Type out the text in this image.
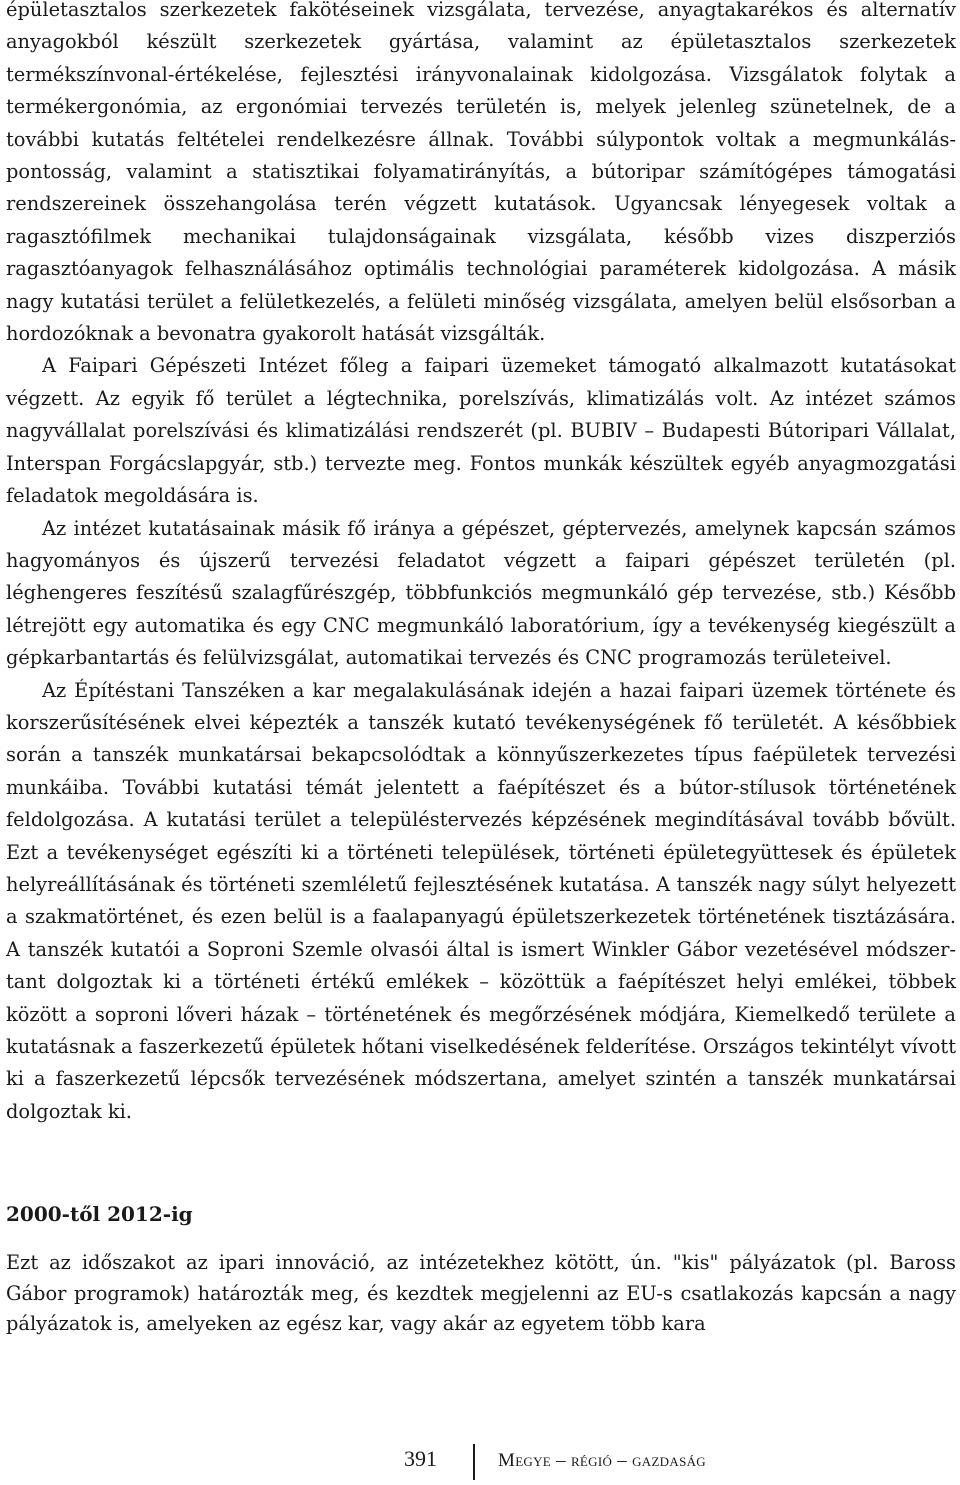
épületasztalos szerkezetek fakötéseinek vizsgálata, tervezése, anyagtakarékos és alternatív anyagokból készült szerkezetek gyártása, valamint az épületasztalos szerkezetek termékszínvonal-értékelése, fejlesztési irányvonalainak kidolgozása. Vizsgálatok folytak a termékergonómia, az ergonómiai tervezés területén is, melyek jelenleg szünetelnek, de a további kutatás feltételei rendelkezésre állnak. További súlypontok voltak a megmunkálás-pontosság, valamint a statisztikai folyamatirányítás, a bútoripar számítógépes támogatási rendszereinek összehangolása terén végzett kutatások. Ugyancsak lényegesek voltak a ragasztófilmek mechanikai tulajdonságainak vizsgálata, később vizes diszperziós ragasztóanyagok felhasználásához optimális technológiai paraméterek kidolgozása. A másik nagy kutatási terület a felületkezelés, a felületi minőség vizsgálata, amelyen belül elsősorban a hordozóknak a bevonatra gyakorolt hatását vizsgálták.

A Faipari Gépészeti Intézet főleg a faipari üzemeket támogató alkalmazott kutatásokat végzett. Az egyik fő terület a légtechnika, porelszívás, klimatizálás volt. Az intézet számos nagyvállalat porelszívási és klimatizálási rendszerét (pl. BUBIV – Budapesti Bútoripari Vállalat, Interspan Forgácslapgyár, stb.) tervezte meg. Fontos munkák készültek egyéb anyagmozgatási feladatok megoldására is.

Az intézet kutatásainak másik fő iránya a gépészet, géptervezés, amelynek kapcsán számos hagyományos és újszerű tervezési feladatot végzett a faipari gépészet területén (pl. léghengeres feszítésű szalagfűrészgép, többfunkciós megmunkáló gép tervezése, stb.) Később létrejött egy automatika és egy CNC megmunkáló laboratórium, így a tevékenység kiegészült a gépkarbantartás és felülvizsgálat, automatikai tervezés és CNC programozás területeivel.

Az Építéstani Tanszéken a kar megalakulásának idején a hazai faipari üzemek története és korszerűsítésének elvei képezték a tanszék kutató tevékenységének fő területét. A későbbiek során a tanszék munkatársai bekapcsolódtak a könnyűszerkezetes típus faépületek tervezési munkáiba. További kutatási témát jelentett a faépítészet és a bútor-stílusok történetének feldolgozása. A kutatási terület a településtervezés képzésének megindításával tovább bővült. Ezt a tevékenységet egészíti ki a történeti települések, történeti épületegyüttesek és épületek helyreállításának és történeti szemléletű fejlesztésének kutatása. A tanszék nagy súlyt helyezett a szakmatörténet, és ezen belül is a faalapanyagú épületszerkezetek történetének tisztázására. A tanszék kutatói a Soproni Szemle olvasói által is ismert Winkler Gábor vezetésével módszertant dolgoztak ki a történeti értékű emlékek – közöttük a faépítészet helyi emlékei, többek között a soproni lőveri házak – történetének és megőrzésének módjára, Kiemelkedő területe a kutatásnak a faszerkezetű épületek hőtani viselkedésének felderítése. Országos tekintélyt vívott ki a faszerkezetű lépcsők tervezésének módszertana, amelyet szintén a tanszék munkatársai dolgoztak ki.

2000-től 2012-ig

Ezt az időszakot az ipari innováció, az intézetekhez kötött, ún. "kis" pályázatok (pl. Baross Gábor programok) határozták meg, és kezdtek megjelenni az EU-s csatlakozás kapcsán a nagy pályázatok is, amelyeken az egész kar, vagy akár az egyetem több kara

391	Megye – régió – gazdaság
